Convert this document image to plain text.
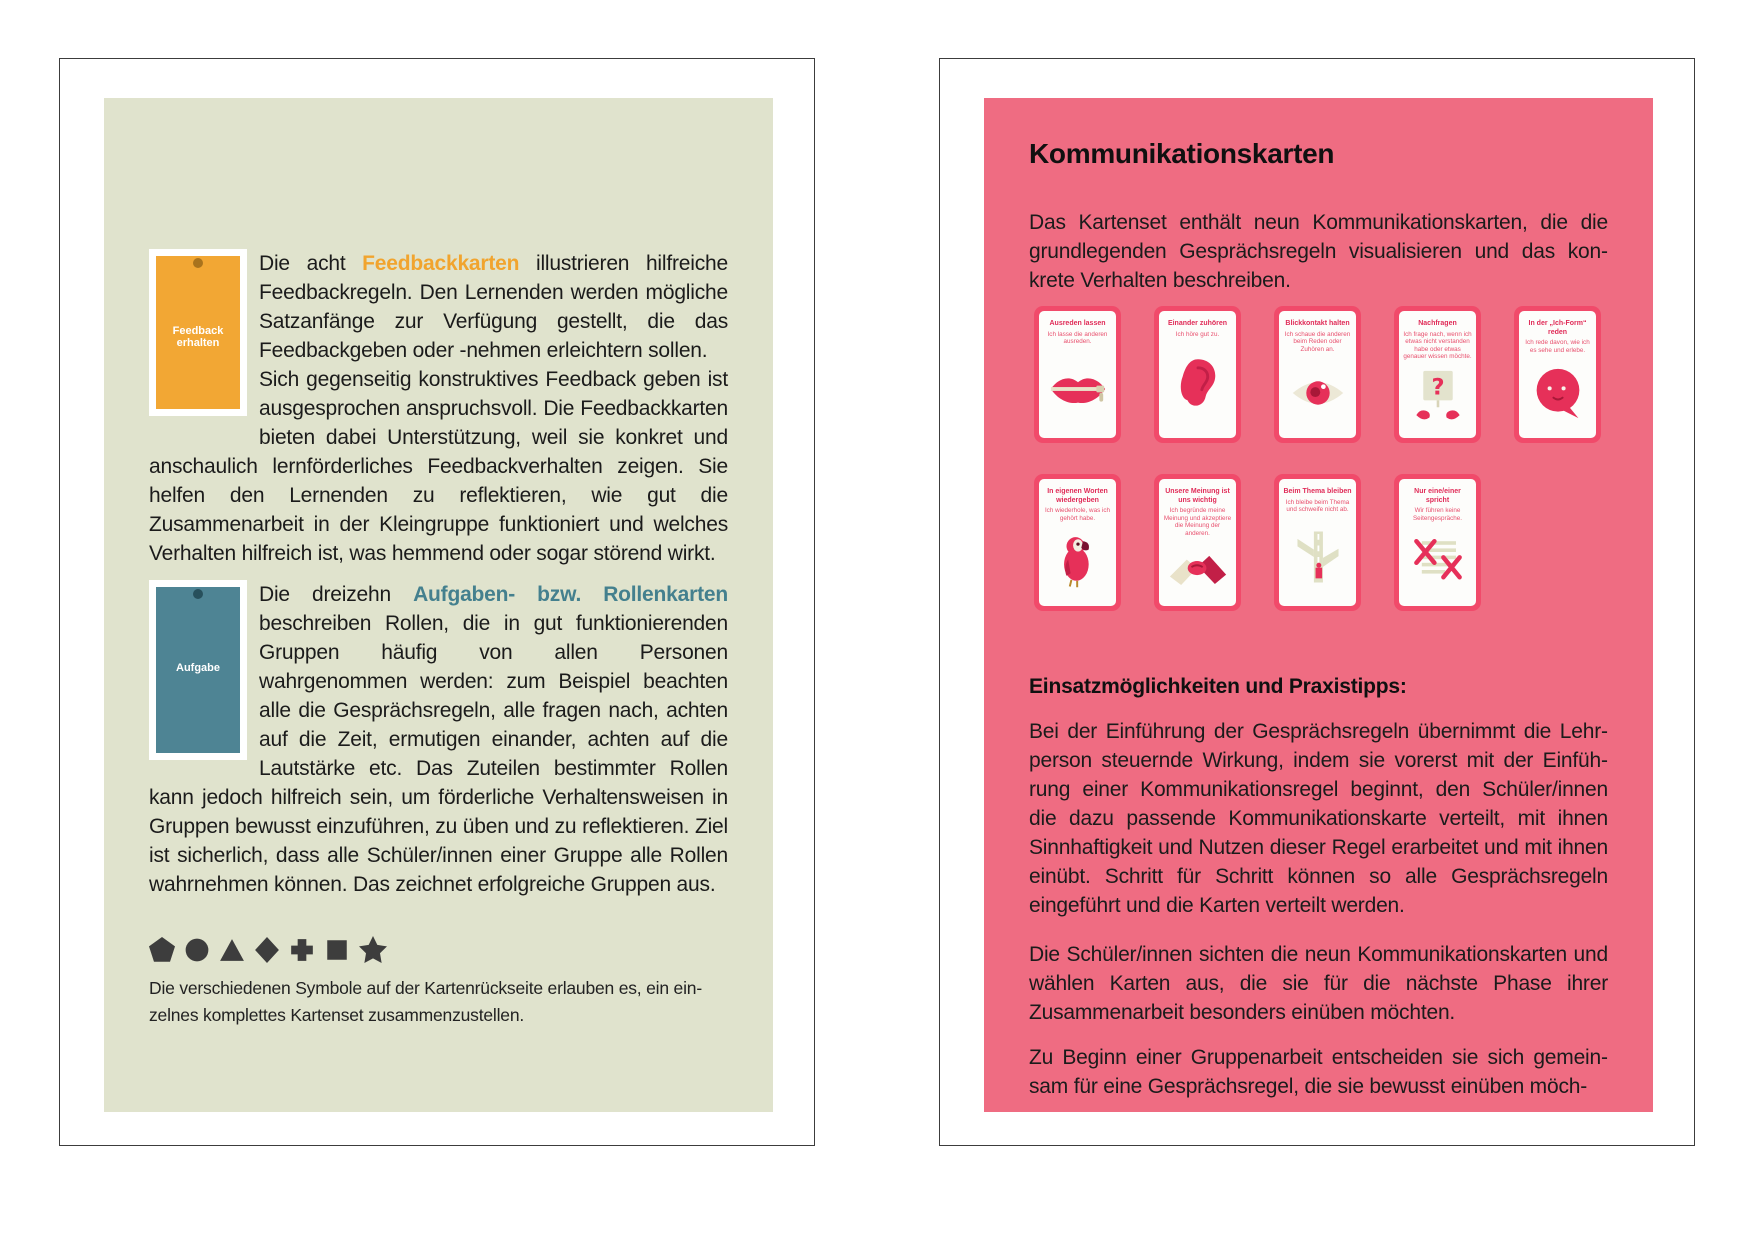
Feedback erhalten

Die acht Feedbackkarten illustrieren hilfreiche Feedbackregeln. Den Lernenden werden mögliche Satzanfänge zur Verfügung gestellt, die das Feedbackgeben oder -nehmen erleichtern sollen.

Sich gegenseitig konstruktives Feedback geben ist ausgesprochen anspruchsvoll. Die Feedbackkarten bieten dabei Unterstützung, weil sie konkret und anschaulich lernförderliches Feedbackverhalten zeigen. Sie helfen den Lernenden zu reflektieren, wie gut die Zusammenarbeit in der Kleingruppe funktioniert und welches Verhalten hilfreich ist, was hemmend oder sogar störend wirkt.

Aufgabe

Die dreizehn Aufgaben- bzw. Rollenkarten beschreiben Rollen, die in gut funktionierenden Gruppen häufig von allen Personen wahrgenommen werden: zum Beispiel beachten alle die Gesprächsregeln, alle fragen nach, achten auf die Zeit, ermutigen einander, achten auf die Lautstärke etc. Das Zuteilen bestimmter Rollen kann jedoch hilfreich sein, um förderliche Verhaltensweisen in Gruppen bewusst einzuführen, zu üben und zu reflektieren. Ziel ist sicherlich, dass alle Schüler/innen einer Gruppe alle Rollen wahrnehmen können. Das zeichnet erfolgreiche Gruppen aus.

Die verschiedenen Symbole auf der Kartenrückseite erlauben es, ein einzelnes komplettes Kartenset zusammenzustellen.

Kommunikationskarten

Das Kartenset enthält neun Kommunikationskarten, die die grundlegenden Gesprächsregeln visualisieren und das konkrete Verhalten beschreiben.

Ausreden lassen
Ich lasse die anderen ausreden.
Einander zuhören
Ich höre gut zu.
Blickkontakt halten
Ich schaue die anderen beim Reden oder Zuhören an.
Nachfragen
Ich frage nach, wenn ich etwas nicht verstanden habe oder etwas genauer wissen möchte.
?
In der „Ich-Form“ reden
Ich rede davon, wie ich es sehe und erlebe.
In eigenen Worten wiedergeben
Ich wiederhole, was ich gehört habe.
Unsere Meinung ist uns wichtig
Ich begründe meine Meinung und akzeptiere die Meinung der anderen.
Beim Thema bleiben
Ich bleibe beim Thema und schweife nicht ab.
Nur eine/einer spricht
Wir führen keine Seitengespräche.
Einsatzmöglichkeiten und Praxistipps:

Bei der Einführung der Gesprächsregeln übernimmt die Lehrperson steuernde Wirkung, indem sie vorerst mit der Einführung einer Kommunikationsregel beginnt, den Schüler/innen die dazu passende Kommunikationskarte verteilt, mit ihnen Sinnhaftigkeit und Nutzen dieser Regel erarbeitet und mit ihnen einübt. Schritt für Schritt können so alle Gesprächsregeln eingeführt und die Karten verteilt werden.

Die Schüler/innen sichten die neun Kommunikationskarten und wählen Karten aus, die sie für die nächste Phase ihrer Zusammenarbeit besonders einüben möchten.

Zu Beginn einer Gruppenarbeit entscheiden sie sich gemeinsam für eine Gesprächsregel, die sie bewusst einüben möch-
